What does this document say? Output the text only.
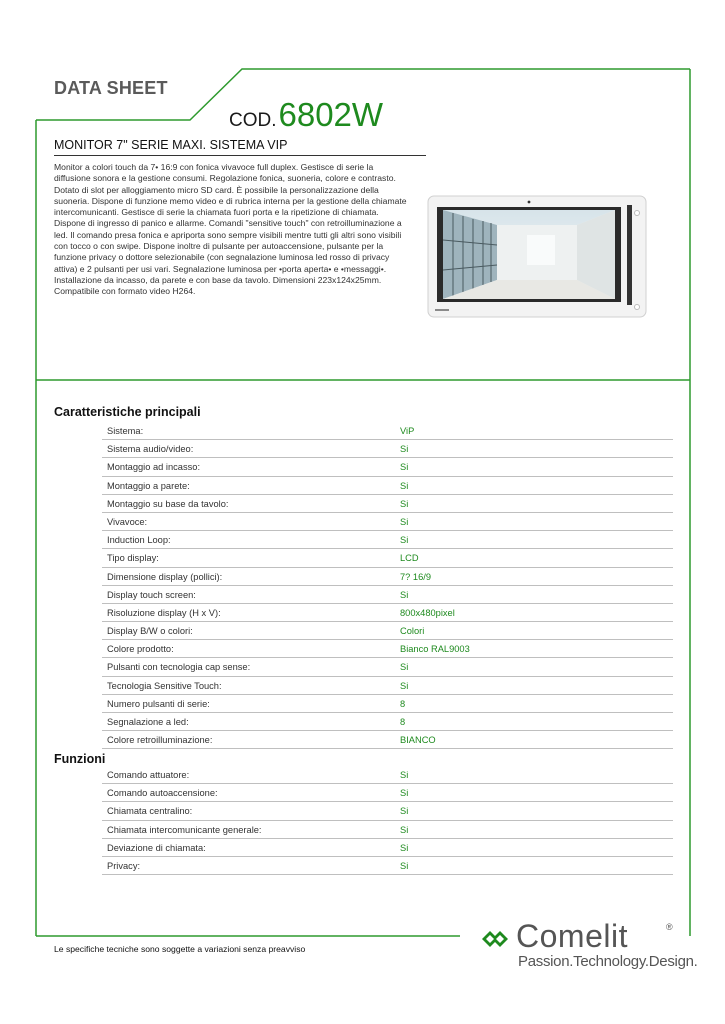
DATA SHEET
COD.6802W
MONITOR 7" SERIE MAXI. SISTEMA VIP
Monitor a colori touch da 7• 16:9 con fonica vivavoce full duplex. Gestisce di serie la diffusione sonora e la gestione consumi. Regolazione fonica, suoneria, colore e contrasto. Dotato di slot per alloggiamento micro SD card. È possibile la personalizzazione della suoneria. Dispone di funzione memo video e di rubrica interna per la gestione della chiamate intercomunicanti. Gestisce di serie la chiamata fuori porta e la ripetizione di chiamata. Dispone di ingresso di panico e allarme. Comandi "sensitive touch" con retroilluminazione a led. Il comando presa fonica e apriporta sono sempre visibili mentre tutti gli altri sono visibili con tocco o con swipe. Dispone inoltre di pulsante per autoaccensione, pulsante per la funzione privacy o dottore selezionabile (con segnalazione luminosa led rosso di privacy attiva) e 2 pulsanti per usi vari. Segnalazione luminosa per •porta aperta• e •messaggi•. Installazione da incasso, da parete e con base da tavolo. Dimensioni 223x124x25mm. Compatibile con formato video H264.
Caratteristiche principali
Sistema:	ViP
Sistema audio/video:	Si
Montaggio ad incasso:	Si
Montaggio a parete:	Si
Montaggio su base da tavolo:	Si
Vivavoce:	Si
Induction Loop:	Si
Tipo display:	LCD
Dimensione display (pollici):	7? 16/9
Display touch screen:	Si
Risoluzione display (H x V):	800x480pixel
Display B/W o colori:	Colori
Colore prodotto:	Bianco RAL9003
Pulsanti con tecnologia cap sense:	Si
Tecnologia Sensitive Touch:	Si
Numero pulsanti di serie:	8
Segnalazione a led:	8
Colore retroilluminazione:	BIANCO
Funzioni
Comando attuatore:	Si
Comando autoaccensione:	Si
Chiamata centralino:	Si
Chiamata intercomunicante generale:	Si
Deviazione di chiamata:	Si
Privacy:	Si
Le specifiche tecniche sono soggette a variazioni senza preavviso	Comelit	®
Passion.Technology.Design.
